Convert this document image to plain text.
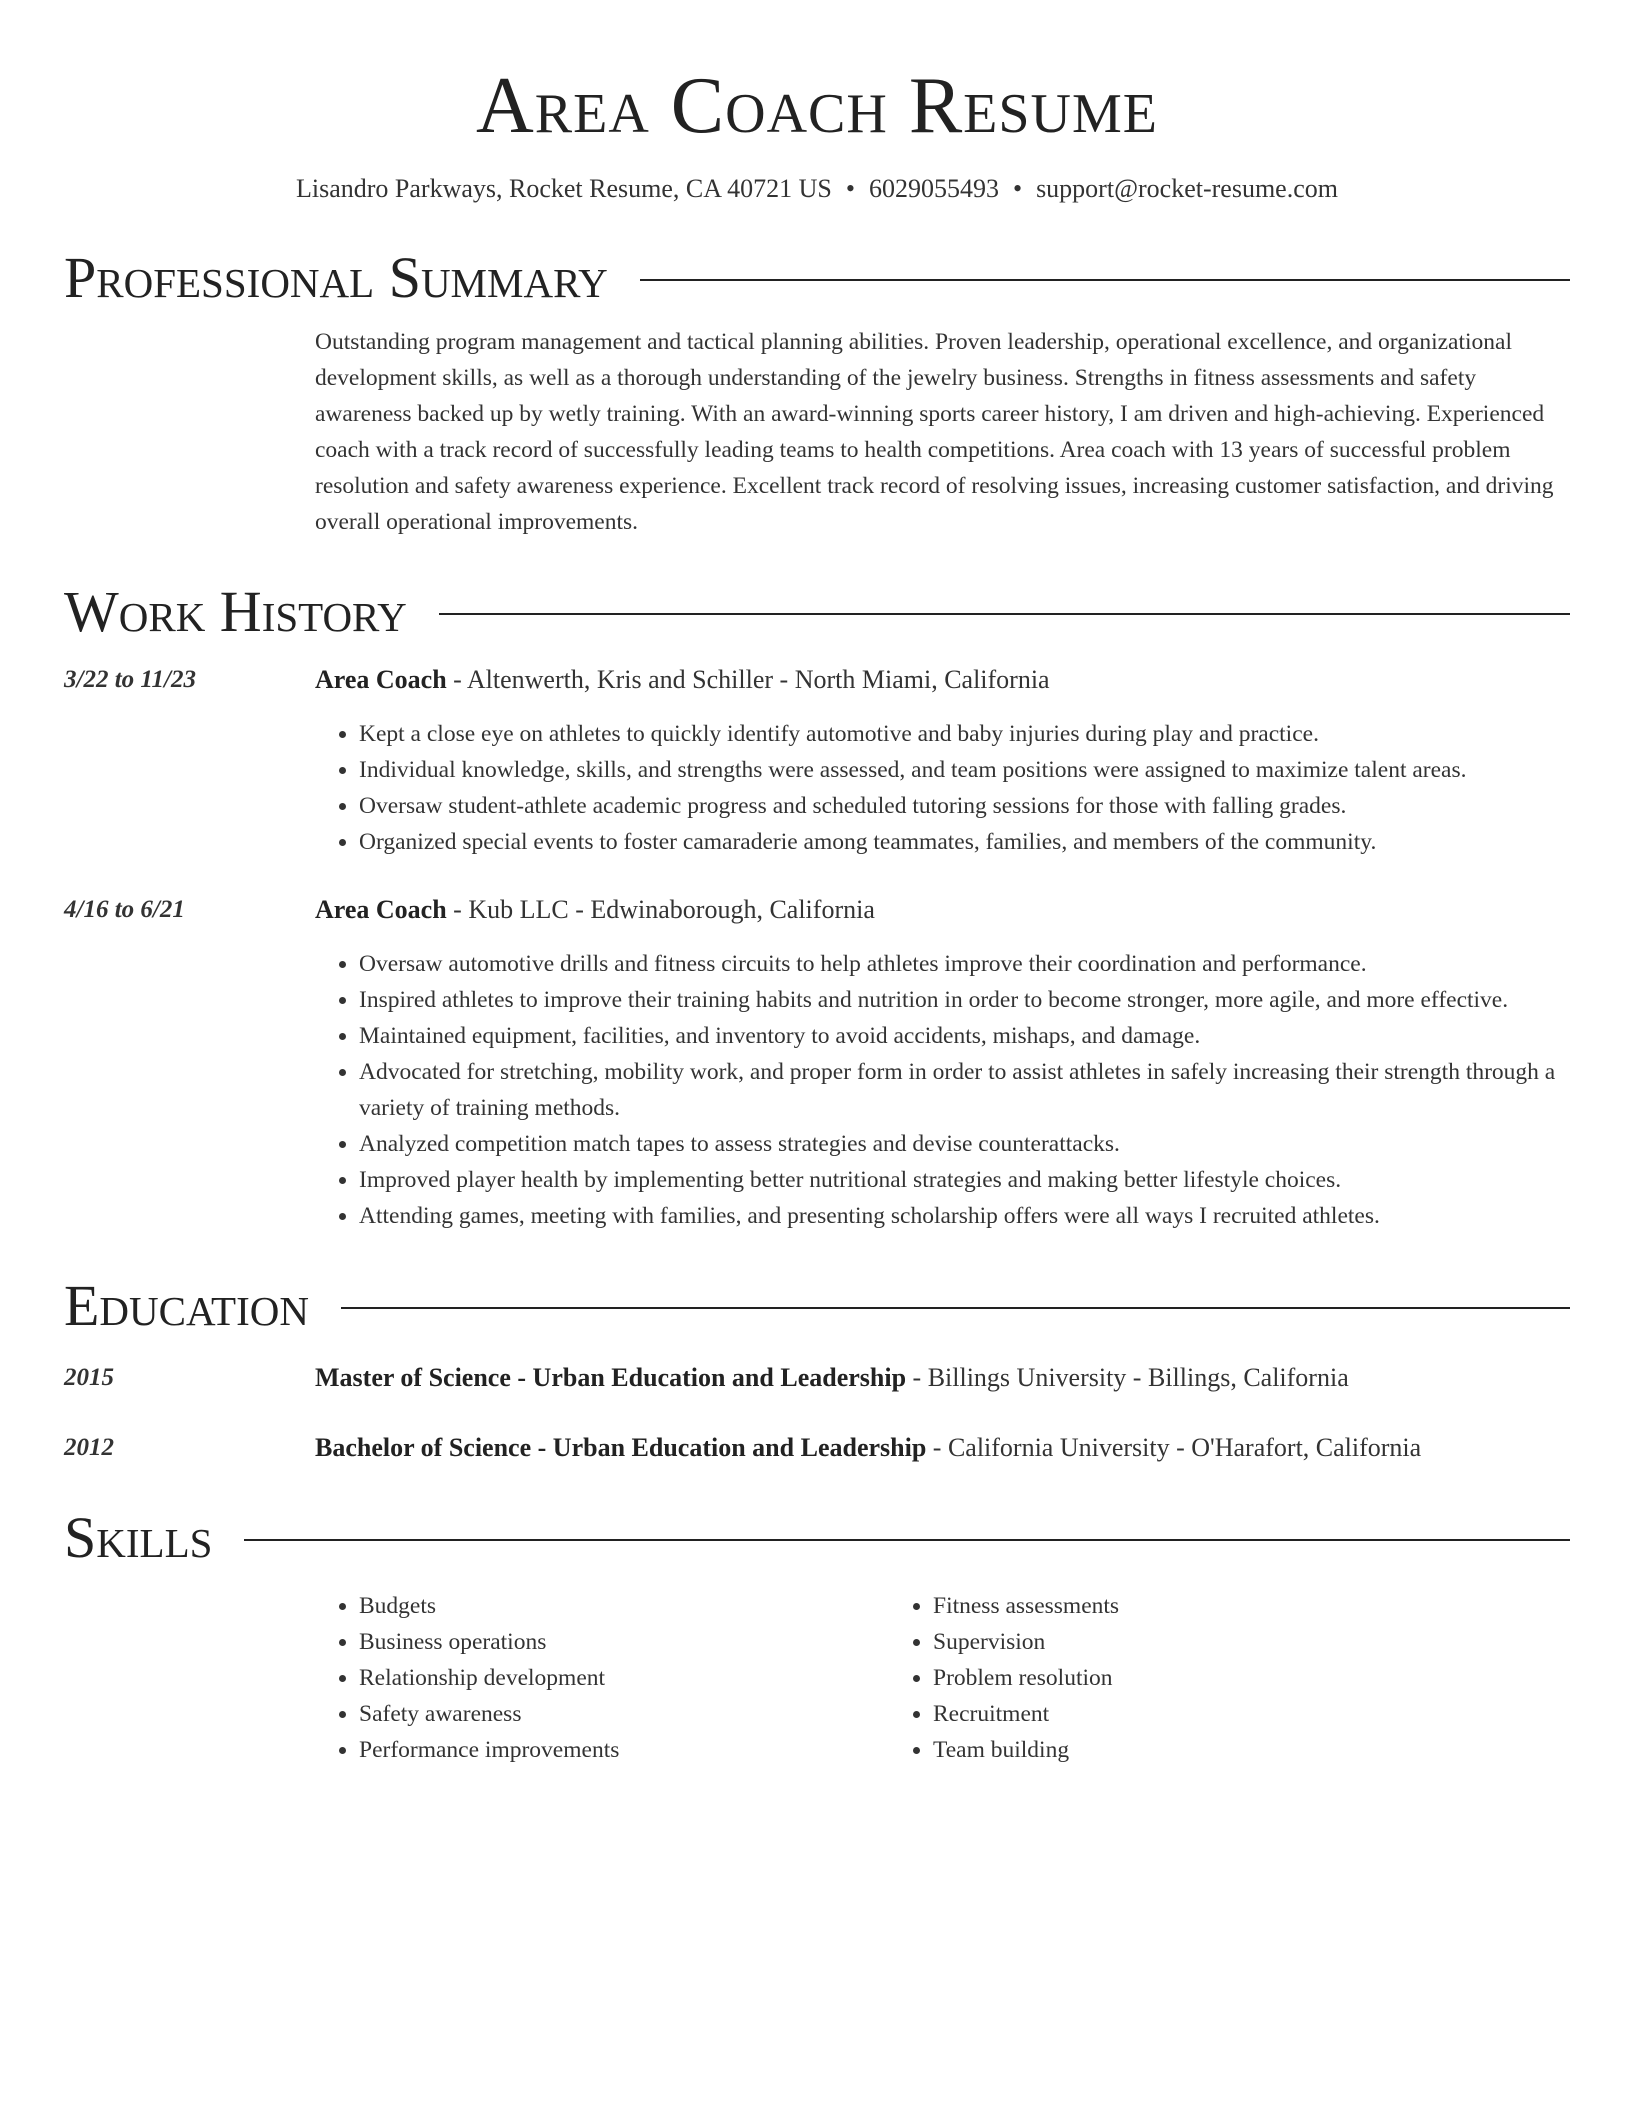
Area Coach Resume
Lisandro Parkways, Rocket Resume, CA 40721 US • 6029055493 • support@rocket-resume.com
Professional Summary
Outstanding program management and tactical planning abilities. Proven leadership, operational excellence, and organizational development skills, as well as a thorough understanding of the jewelry business. Strengths in fitness assessments and safety awareness backed up by wetly training. With an award-winning sports career history, I am driven and high-achieving. Experienced coach with a track record of successfully leading teams to health competitions. Area coach with 13 years of successful problem resolution and safety awareness experience. Excellent track record of resolving issues, increasing customer satisfaction, and driving overall operational improvements.
Work History
3/22 to 11/23	Area Coach - Altenwerth, Kris and Schiller - North Miami, California
• Kept a close eye on athletes to quickly identify automotive and baby injuries during play and practice.
• Individual knowledge, skills, and strengths were assessed, and team positions were assigned to maximize talent areas.
• Oversaw student-athlete academic progress and scheduled tutoring sessions for those with falling grades.
• Organized special events to foster camaraderie among teammates, families, and members of the community.
4/16 to 6/21	Area Coach - Kub LLC - Edwinaborough, California
• Oversaw automotive drills and fitness circuits to help athletes improve their coordination and performance.
• Inspired athletes to improve their training habits and nutrition in order to become stronger, more agile, and more effective.
• Maintained equipment, facilities, and inventory to avoid accidents, mishaps, and damage.
• Advocated for stretching, mobility work, and proper form in order to assist athletes in safely increasing their strength through a variety of training methods.
• Analyzed competition match tapes to assess strategies and devise counterattacks.
• Improved player health by implementing better nutritional strategies and making better lifestyle choices.
• Attending games, meeting with families, and presenting scholarship offers were all ways I recruited athletes.
Education
2015	Master of Science - Urban Education and Leadership - Billings University - Billings, California
2012	Bachelor of Science - Urban Education and Leadership - California University - O'Harafort, California
Skills
• Budgets
• Business operations
• Relationship development
• Safety awareness
• Performance improvements
• Fitness assessments
• Supervision
• Problem resolution
• Recruitment
• Team building
